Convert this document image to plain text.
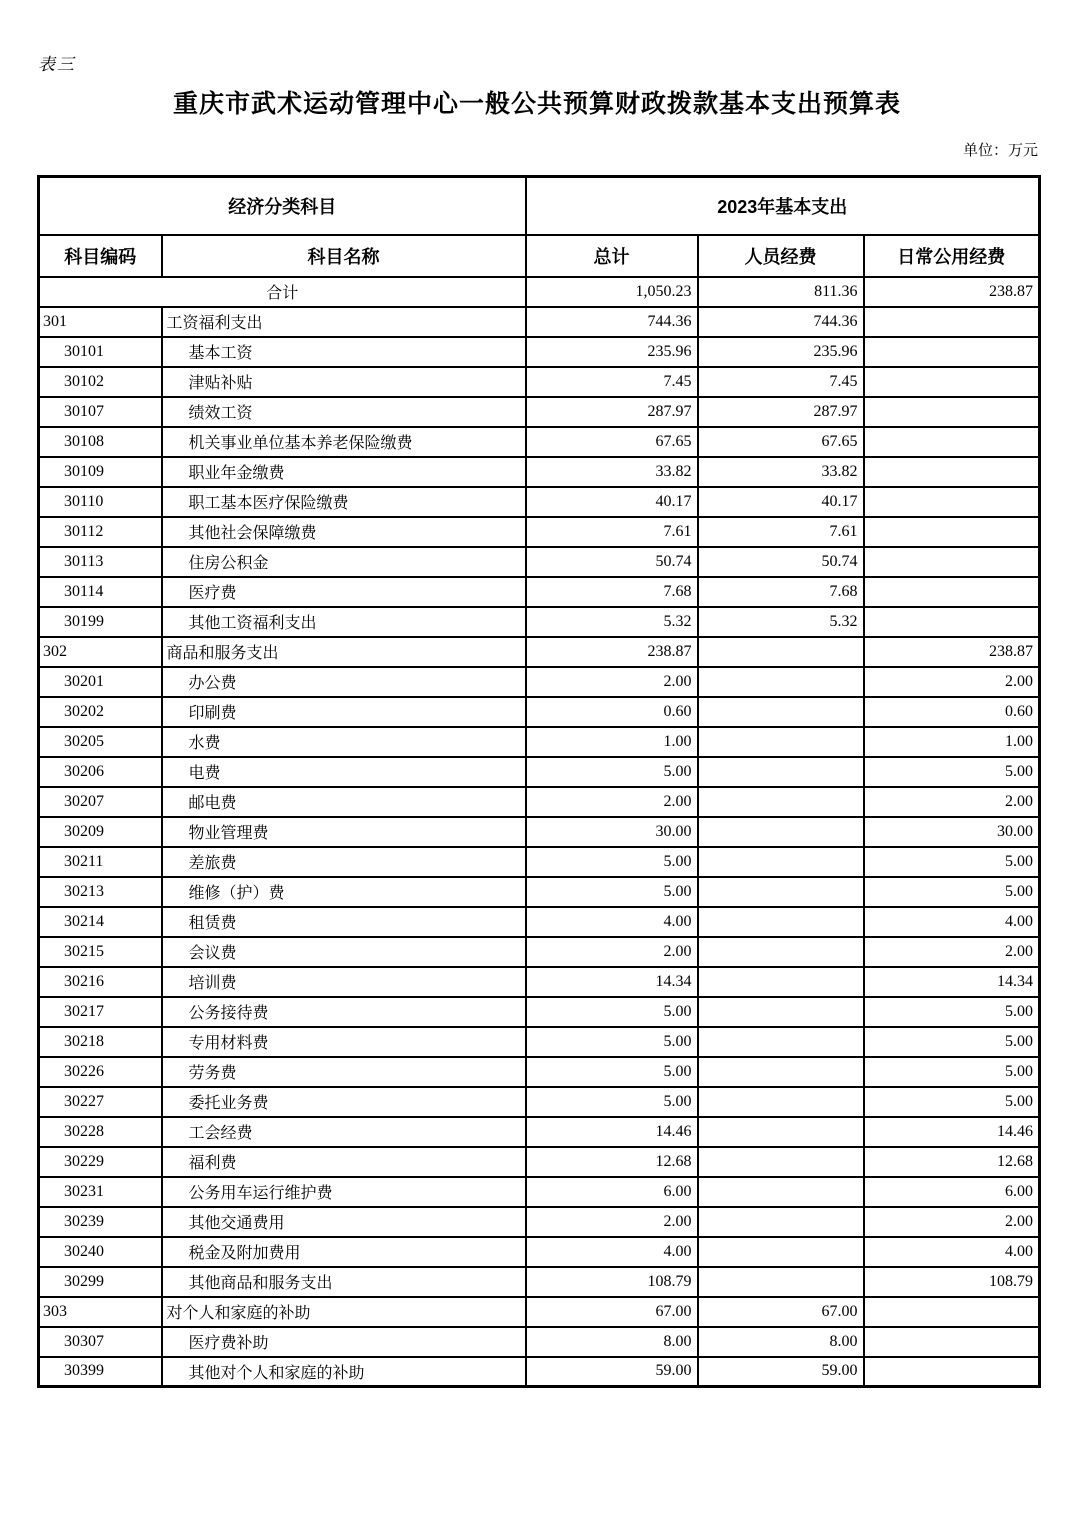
表三
重庆市武术运动管理中心一般公共预算财政拨款基本支出预算表
单位：万元
经济分类科目		2023年基本支出		
科目编码	科目名称	总计	人员经费	日常公用经费
合计		1,050.23	811.36	238.87
301	工资福利支出	744.36	744.36	
30101	基本工资	235.96	235.96	
30102	津贴补贴	7.45	7.45	
30107	绩效工资	287.97	287.97	
30108	机关事业单位基本养老保险缴费	67.65	67.65	
30109	职业年金缴费	33.82	33.82	
30110	职工基本医疗保险缴费	40.17	40.17	
30112	其他社会保障缴费	7.61	7.61	
30113	住房公积金	50.74	50.74	
30114	医疗费	7.68	7.68	
30199	其他工资福利支出	5.32	5.32	
302	商品和服务支出	238.87		238.87
30201	办公费	2.00		2.00
30202	印刷费	0.60		0.60
30205	水费	1.00		1.00
30206	电费	5.00		5.00
30207	邮电费	2.00		2.00
30209	物业管理费	30.00		30.00
30211	差旅费	5.00		5.00
30213	维修（护）费	5.00		5.00
30214	租赁费	4.00		4.00
30215	会议费	2.00		2.00
30216	培训费	14.34		14.34
30217	公务接待费	5.00		5.00
30218	专用材料费	5.00		5.00
30226	劳务费	5.00		5.00
30227	委托业务费	5.00		5.00
30228	工会经费	14.46		14.46
30229	福利费	12.68		12.68
30231	公务用车运行维护费	6.00		6.00
30239	其他交通费用	2.00		2.00
30240	税金及附加费用	4.00		4.00
30299	其他商品和服务支出	108.79		108.79
303	对个人和家庭的补助	67.00	67.00	
30307	医疗费补助	8.00	8.00	
30399	其他对个人和家庭的补助	59.00	59.00	
